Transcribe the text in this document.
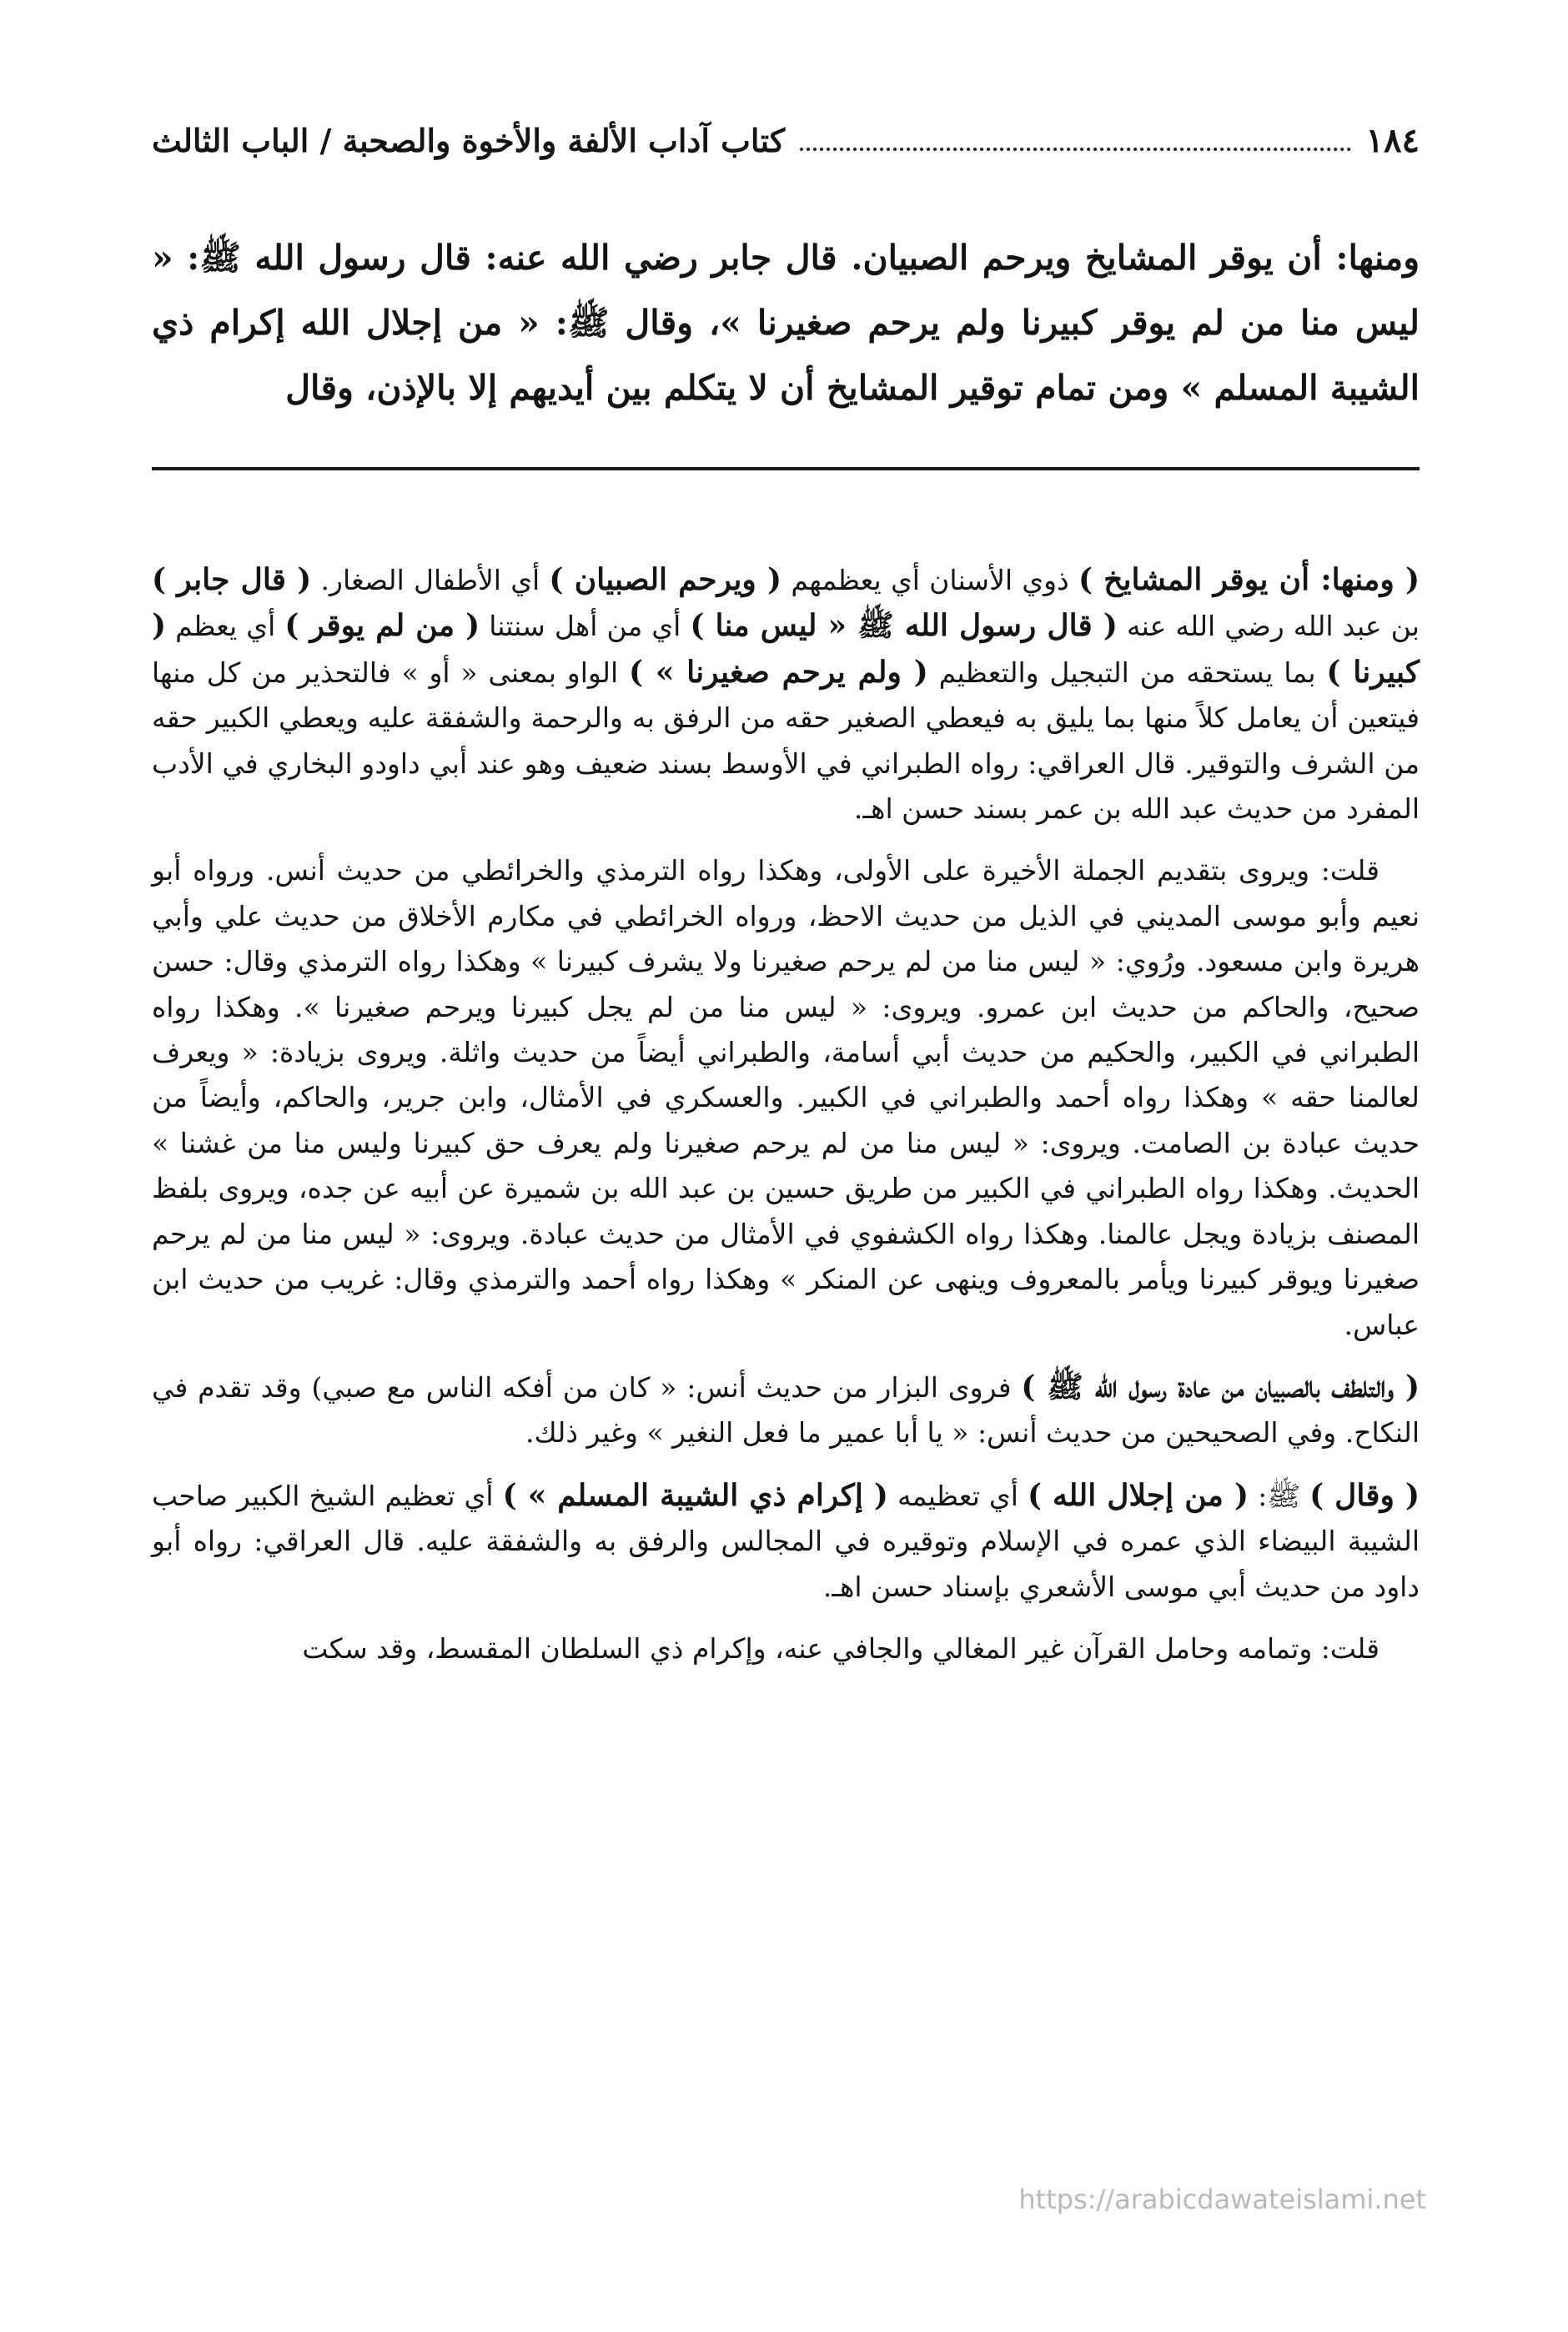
١٨٤
كتاب آداب الألفة والأخوة والصحبة / الباب الثالث

ومنها: أن يوقر المشايخ ويرحم الصبيان. قال جابر رضي الله عنه: قال رسول الله ﷺ: « ليس منا من لم يوقر كبيرنا ولم يرحم صغيرنا »، وقال ﷺ: « من إجلال الله إكرام ذي الشيبة المسلم » ومن تمام توقير المشايخ أن لا يتكلم بين أيديهم إلا بالإذن، وقال

( ومنها: أن يوقر المشايخ ) ذوي الأسنان أي يعظمهم ( ويرحم الصبيان ) أي الأطفال الصغار. ( قال جابر ) بن عبد الله رضي الله عنه ( قال رسول الله ﷺ « ليس منا ) أي من أهل سنتنا ( من لم يوقر ) أي يعظم ( كبيرنا ) بما يستحقه من التبجيل والتعظيم ( ولم يرحم صغيرنا » ) الواو بمعنى « أو » فالتحذير من كل منها فيتعين أن يعامل كلاً منها بما يليق به فيعطي الصغير حقه من الرفق به والرحمة والشفقة عليه ويعطي الكبير حقه من الشرف والتوقير. قال العراقي: رواه الطبراني في الأوسط بسند ضعيف وهو عند أبي داودو البخاري في الأدب المفرد من حديث عبد الله بن عمر بسند حسن اهـ.

قلت: ويروى بتقديم الجملة الأخيرة على الأولى، وهكذا رواه الترمذي والخرائطي من حديث أنس. ورواه أبو نعيم وأبو موسى المديني في الذيل من حديث الاحظ، ورواه الخرائطي في مكارم الأخلاق من حديث علي وأبي هريرة وابن مسعود. ورُوي: « ليس منا من لم يرحم صغيرنا ولا يشرف كبيرنا » وهكذا رواه الترمذي وقال: حسن صحيح، والحاكم من حديث ابن عمرو. ويروى: « ليس منا من لم يجل كبيرنا ويرحم صغيرنا ». وهكذا رواه الطبراني في الكبير، والحكيم من حديث أبي أسامة، والطبراني أيضاً من حديث واثلة. ويروى بزيادة: « ويعرف لعالمنا حقه » وهكذا رواه أحمد والطبراني في الكبير. والعسكري في الأمثال، وابن جرير، والحاكم، وأيضاً من حديث عبادة بن الصامت. ويروى: « ليس منا من لم يرحم صغيرنا ولم يعرف حق كبيرنا وليس منا من غشنا » الحديث. وهكذا رواه الطبراني في الكبير من طريق حسين بن عبد الله بن شميرة عن أبيه عن جده، ويروى بلفظ المصنف بزيادة ويجل عالمنا. وهكذا رواه الكشفوي في الأمثال من حديث عبادة. ويروى: « ليس منا من لم يرحم صغيرنا ويوقر كبيرنا ويأمر بالمعروف وينهى عن المنكر » وهكذا رواه أحمد والترمذي وقال: غريب من حديث ابن عباس.

( والتلطف بالصبيان من عادة رسول الله ﷺ ) فروى البزار من حديث أنس: « كان من أفكه الناس مع صبي) وقد تقدم في النكاح. وفي الصحيحين من حديث أنس: « يا أبا عمير ما فعل النغير » وغير ذلك.

( وقال ) ﷺ: ( من إجلال الله ) أي تعظيمه ( إكرام ذي الشيبة المسلم » ) أي تعظيم الشيخ الكبير صاحب الشيبة البيضاء الذي عمره في الإسلام وتوقيره في المجالس والرفق به والشفقة عليه. قال العراقي: رواه أبو داود من حديث أبي موسى الأشعري بإسناد حسن اهـ.

قلت: وتمامه وحامل القرآن غير المغالي والجافي عنه، وإكرام ذي السلطان المقسط، وقد سكت

https://arabicdawateislami.net
